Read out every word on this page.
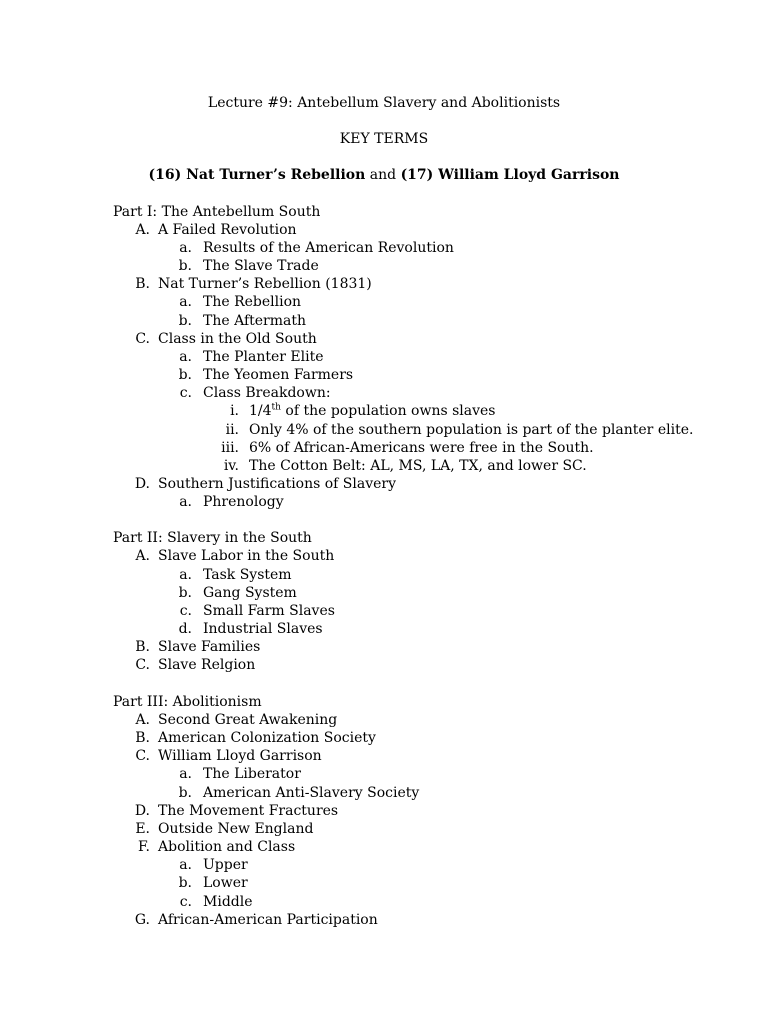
Lecture #9: Antebellum Slavery and Abolitionists
KEY TERMS
(16) Nat Turner’s Rebellion and (17) William Lloyd Garrison
Part I: The Antebellum South
A. A Failed Revolution
a. Results of the American Revolution
b. The Slave Trade
B. Nat Turner’s Rebellion (1831)
a. The Rebellion
b. The Aftermath
C. Class in the Old South
a. The Planter Elite
b. The Yeomen Farmers
c. Class Breakdown:
i. 1/4th of the population owns slaves
ii. Only 4% of the southern population is part of the planter elite.
iii. 6% of African-Americans were free in the South.
iv. The Cotton Belt: AL, MS, LA, TX, and lower SC.
D. Southern Justifications of Slavery
a. Phrenology
Part II: Slavery in the South
A. Slave Labor in the South
a. Task System
b. Gang System
c. Small Farm Slaves
d. Industrial Slaves
B. Slave Families
C. Slave Relgion
Part III: Abolitionism
A. Second Great Awakening
B. American Colonization Society
C. William Lloyd Garrison
a. The Liberator
b. American Anti-Slavery Society
D. The Movement Fractures
E. Outside New England
F. Abolition and Class
a. Upper
b. Lower
c. Middle
G. African-American Participation
